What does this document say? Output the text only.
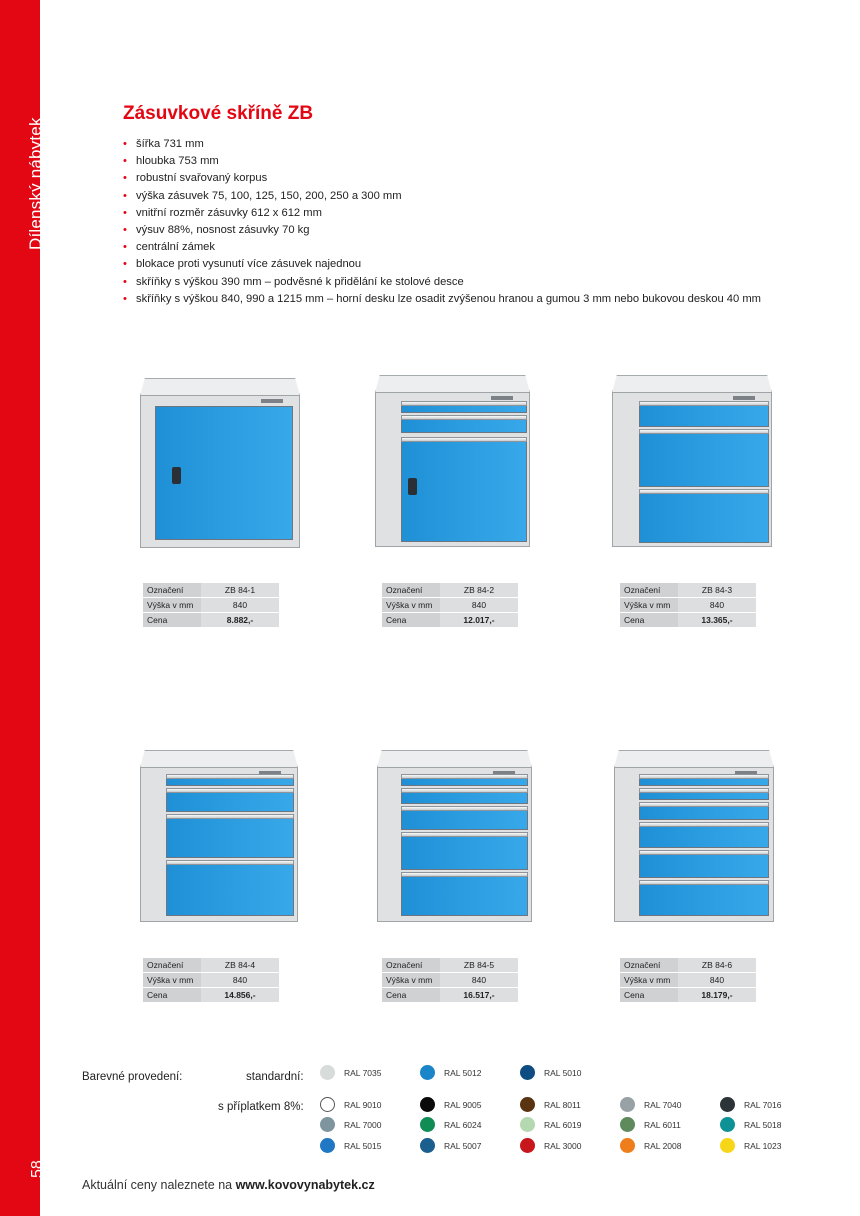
Dílenský nábytek
58
Zásuvkové skříně ZB
• šířka 731 mm
• hloubka 753 mm
• robustní svařovaný korpus
• výška zásuvek 75, 100, 125, 150, 200, 250 a 300 mm
• vnitřní rozměr zásuvky 612 x 612 mm
• výsuv 88%, nosnost zásuvky 70 kg
• centrální zámek
• blokace proti vysunutí více zásuvek najednou
• skříňky s výškou 390 mm – podvěsné k přidělání ke stolové desce
• skříňky s výškou 840, 990 a 1215 mm – horní desku lze osadit zvýšenou hranou a gumou 3 mm nebo bukovou deskou 40 mm
Označení	ZB 84-1
Výška v mm	840
Cena	8.882,-
Označení	ZB 84-2
Výška v mm	840
Cena	12.017,-
Označení	ZB 84-3
Výška v mm	840
Cena	13.365,-
Označení	ZB 84-4
Výška v mm	840
Cena	14.856,-
Označení	ZB 84-5
Výška v mm	840
Cena	16.517,-
Označení	ZB 84-6
Výška v mm	840
Cena	18.179,-
Barevné provedení:	standardní:
s příplatkem 8%:
RAL 7035	RAL 5012	RAL 5010
RAL 9010	RAL 9005	RAL 8011	RAL 7040	RAL 7016
RAL 7000	RAL 6024	RAL 6019	RAL 6011	RAL 5018
RAL 5015	RAL 5007	RAL 3000	RAL 2008	RAL 1023
Aktuální ceny naleznete na www.kovovynabytek.cz
